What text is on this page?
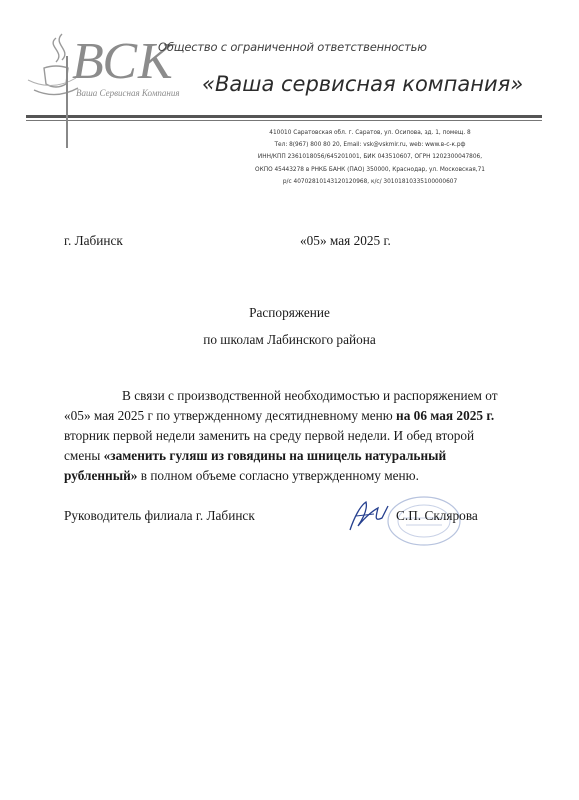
ВСК
Ваша Сервисная Компания
Общество с ограниченной ответственностью
«Ваша сервисная компания»
410010 Саратовская обл. г. Саратов, ул. Осипова, зд. 1, помещ. 8
Тел: 8(967) 800 80 20, Email: vsk@vskmir.ru, web: www.в-с-к.рф
ИНН/КПП 2361018056/645201001, БИК 043510607, ОГРН 1202300047806,
ОКПО 45443278 в РНКБ БАНК (ПАО) 350000, Краснодар, ул. Московская,71
р/с 40702810143120120968, к/с/ 30101810335100000607
г. Лабинск	«05» мая 2025 г.
Распоряжение
по школам Лабинского района
В связи с производственной необходимостью и распоряжением от
«05» мая 2025 г по утвержденному десятидневному меню на 06 мая 2025 г.
вторник первой недели заменить на среду первой недели. И обед второй
смены «заменить гуляш из говядины на шницель натуральный
рубленный» в полном объеме согласно утвержденному меню.
Руководитель филиала г. Лабинск	С.П. Склярова
